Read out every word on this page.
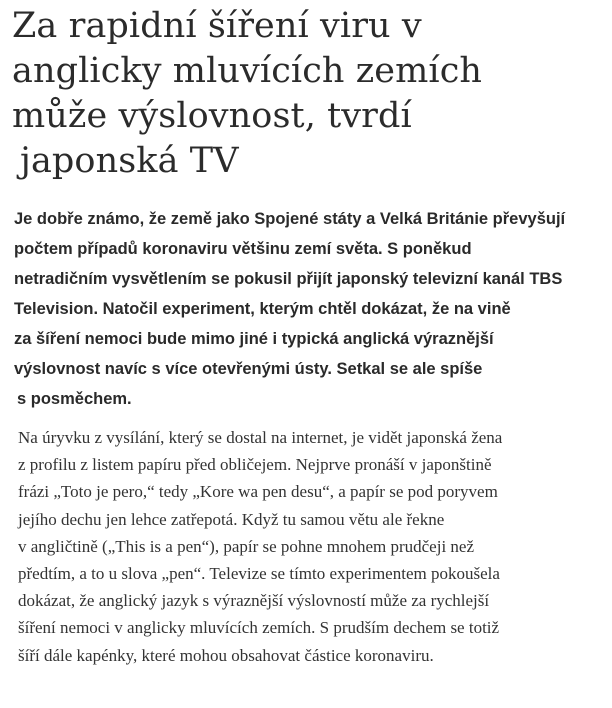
Za rapidní šíření viru v
anglicky mluvících zemích
může výslovnost, tvrdí
japonská TV

Je dobře známo, že země jako Spojené státy a Velká Británie převyšují
počtem případů koronaviru většinu zemí světa. S poněkud
netradičním vysvětlením se pokusil přijít japonský televizní kanál TBS
Television. Natočil experiment, kterým chtěl dokázat, že na vině
za šíření nemoci bude mimo jiné i typická anglická výraznější
výslovnost navíc s více otevřenými ústy. Setkal se ale spíše
s posměchem.

Na úryvku z vysílání, který se dostal na internet, je vidět japonská žena
z profilu z listem papíru před obličejem. Nejprve pronáší v japonštině
frázi „Toto je pero,“ tedy „Kore wa pen desu“, a papír se pod poryvem
jejího dechu jen lehce zatřepotá. Když tu samou větu ale řekne
v angličtině („This is a pen“), papír se pohne mnohem prudčeji než
předtím, a to u slova „pen“. Televize se tímto experimentem pokoušela
dokázat, že anglický jazyk s výraznější výslovností může za rychlejší
šíření nemoci v anglicky mluvících zemích. S prudším dechem se totiž
šíří dále kapénky, které mohou obsahovat částice koronaviru.
